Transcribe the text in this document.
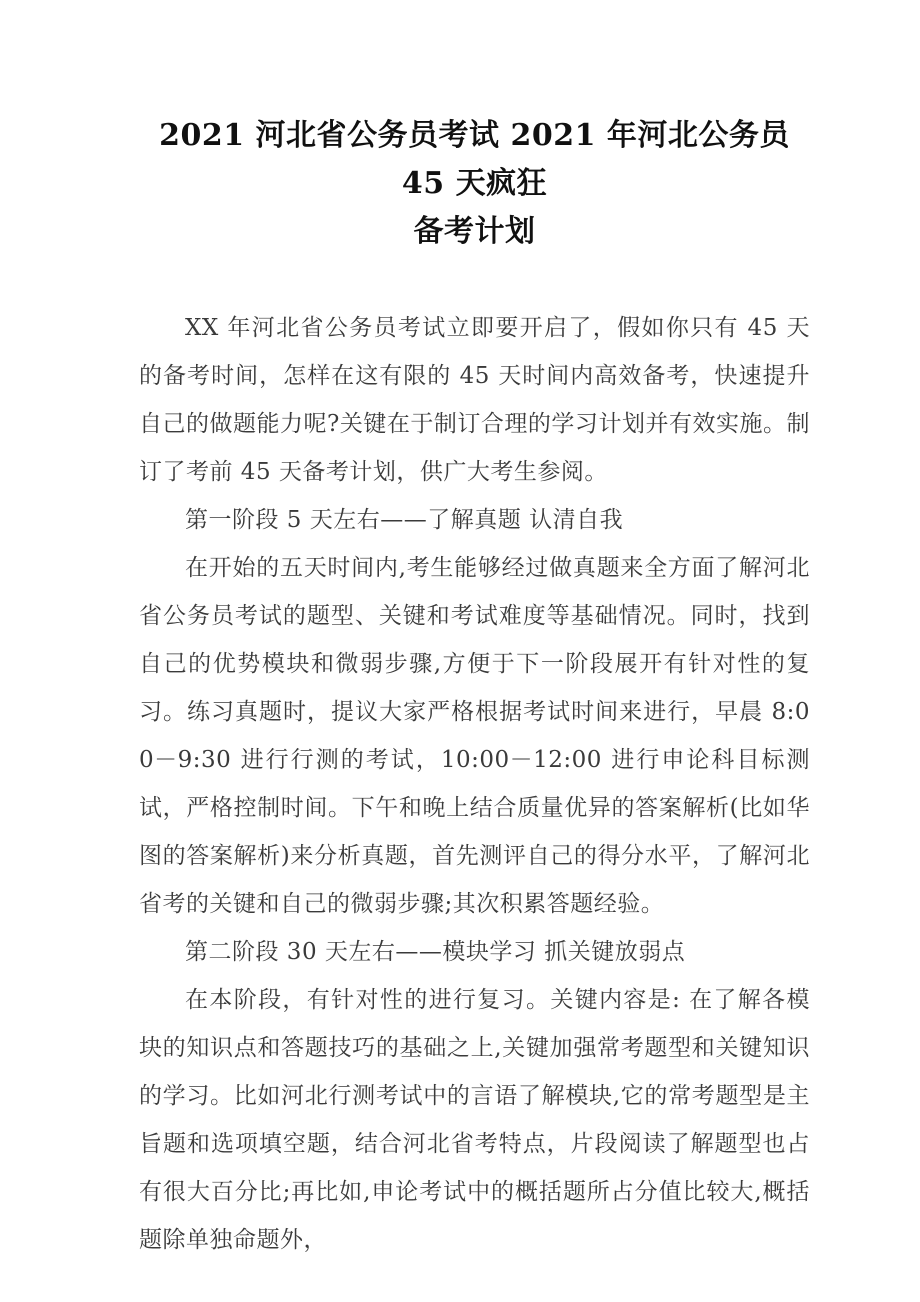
2021 河北省公务员考试 2021 年河北公务员 45 天疯狂
备考计划

XX 年河北省公务员考试立即要开启了，假如你只有 45 天的备考时间，怎样在这有限的 45 天时间内高效备考，快速提升自己的做题能力呢?关键在于制订合理的学习计划并有效实施。制订了考前 45 天备考计划，供广大考生参阅。

第一阶段 5 天左右——了解真题 认清自我

在开始的五天时间内,考生能够经过做真题来全方面了解河北省公务员考试的题型、关键和考试难度等基础情况。同时，找到自己的优势模块和微弱步骤,方便于下一阶段展开有针对性的复习。练习真题时，提议大家严格根据考试时间来进行，早晨 8:00－9:30 进行行测的考试，10:00－12:00 进行申论科目标测试，严格控制时间。下午和晚上结合质量优异的答案解析(比如华图的答案解析)来分析真题，首先测评自己的得分水平，了解河北省考的关键和自己的微弱步骤;其次积累答题经验。

第二阶段 30 天左右——模块学习 抓关键放弱点

在本阶段，有针对性的进行复习。关键内容是: 在了解各模块的知识点和答题技巧的基础之上,关键加强常考题型和关键知识的学习。比如河北行测考试中的言语了解模块,它的常考题型是主旨题和选项填空题，结合河北省考特点，片段阅读了解题型也占有很大百分比;再比如,申论考试中的概括题所占分值比较大,概括题除单独命题外，
